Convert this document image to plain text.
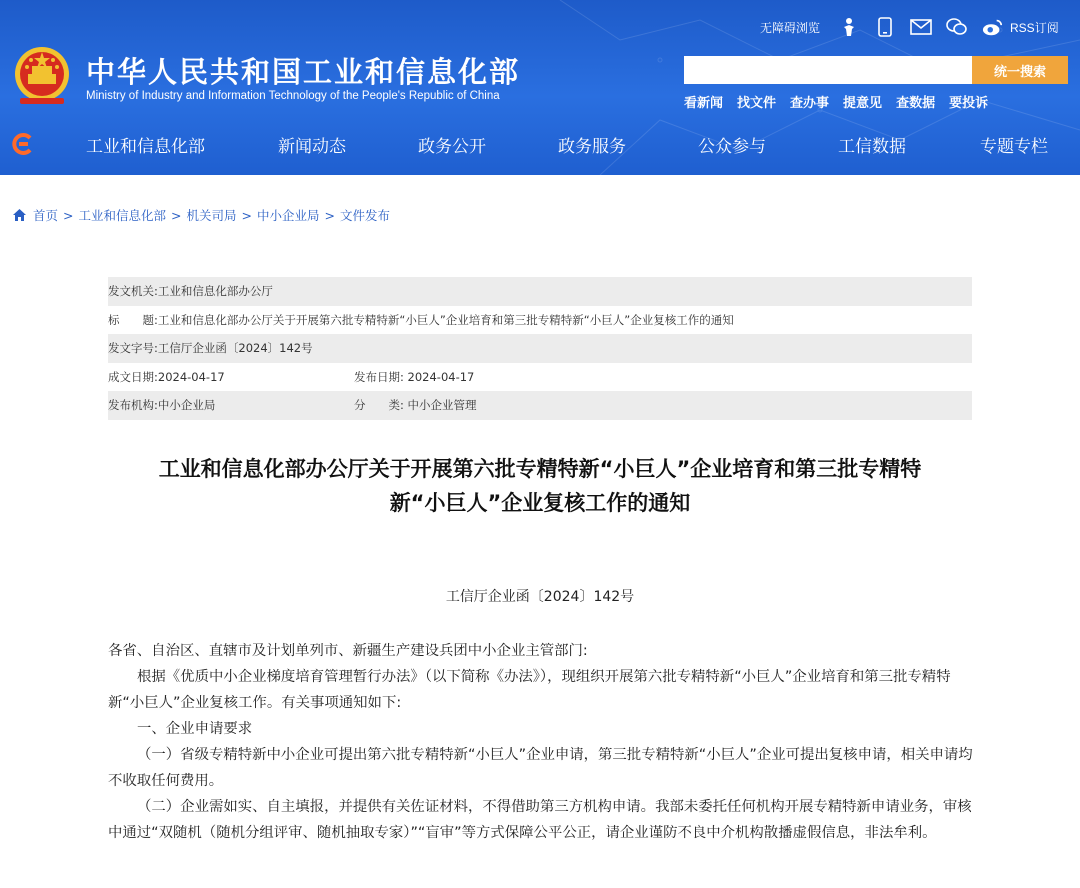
中华人民共和国工业和信息化部
Ministry of Industry and Information Technology of the People's Republic of China
无障碍浏览	RSS订阅
统一搜索
看新闻 找文件 查办事 提意见 查数据 要投诉
工业和信息化部	新闻动态	政务公开	政务服务	公众参与	工信数据	专题专栏
首页 > 工业和信息化部 > 机关司局 > 中小企业局 > 文件发布
发文机关: 工业和信息化部办公厅
标　　题: 工业和信息化部办公厅关于开展第六批专精特新“小巨人”企业培育和第三批专精特新“小巨人”企业复核工作的通知
发文字号: 工信厅企业函〔2024〕142号
成文日期: 2024-04-17	发布日期: 2024-04-17
发布机构: 中小企业局	分　　类: 中小企业管理
工业和信息化部办公厅关于开展第六批专精特新“小巨人”企业培育和第三批专精特
新“小巨人”企业复核工作的通知
工信厅企业函〔2024〕142号

各省、自治区、直辖市及计划单列市、新疆生产建设兵团中小企业主管部门:

根据《优质中小企业梯度培育管理暂行办法》（以下简称《办法》），现组织开展第六批专精特新“小巨人”企业培育和第三批专精特新“小巨人”企业复核工作。有关事项通知如下:

一、企业申请要求

（一）省级专精特新中小企业可提出第六批专精特新“小巨人”企业申请，第三批专精特新“小巨人”企业可提出复核申请，相关申请均不收取任何费用。

（二）企业需如实、自主填报，并提供有关佐证材料，不得借助第三方机构申请。我部未委托任何机构开展专精特新申请业务，审核中通过“双随机（随机分组评审、随机抽取专家）”“盲审”等方式保障公平公正，请企业谨防不良中介机构散播虚假信息，非法牟利。
